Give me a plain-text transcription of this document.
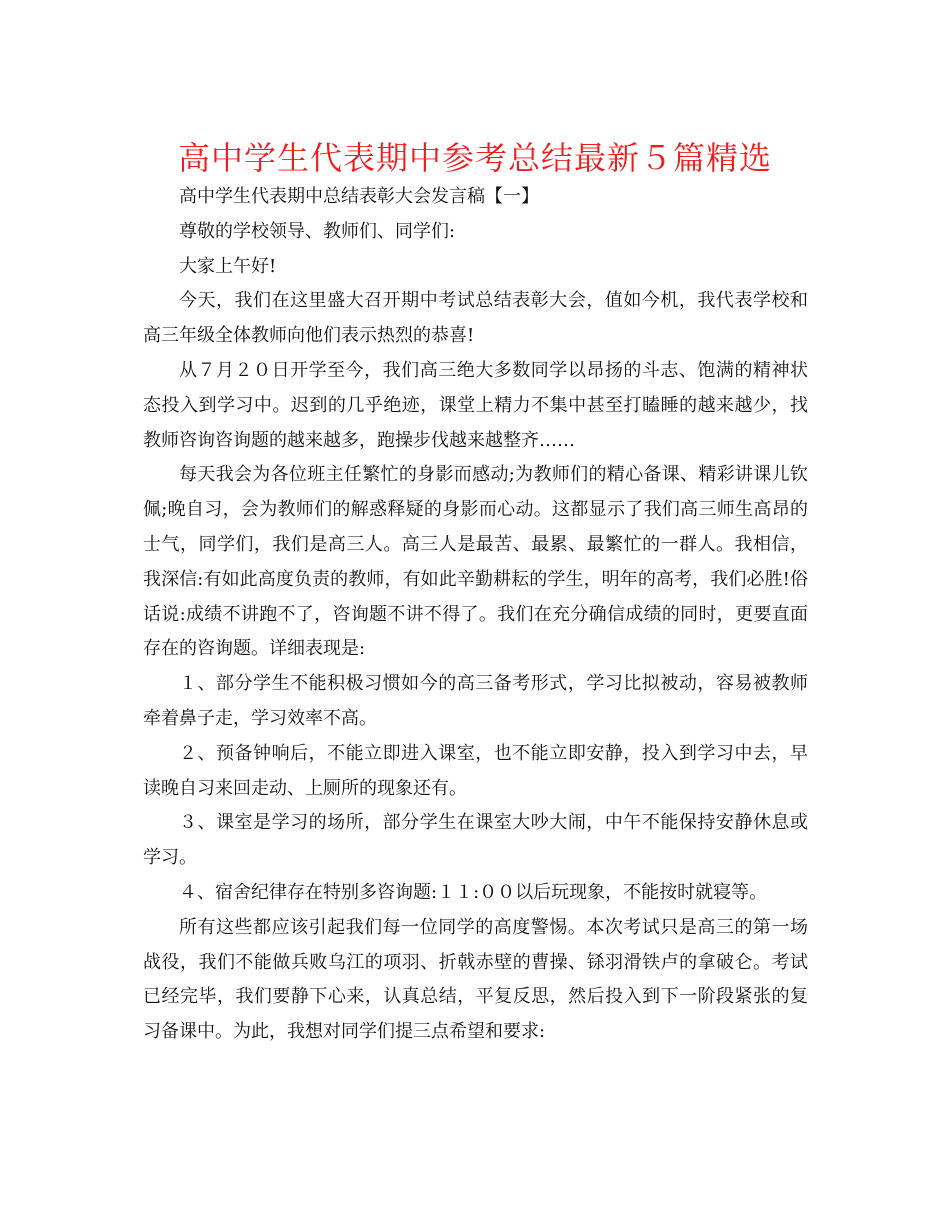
高中学生代表期中参考总结最新５篇精选

高中学生代表期中总结表彰大会发言稿【一】

尊敬的学校领导、教师们、同学们:

大家上午好!

今天，我们在这里盛大召开期中考试总结表彰大会，值如今机，我代表学校和高三年级全体教师向他们表示热烈的恭喜!

从７月２０日开学至今，我们高三绝大多数同学以昂扬的斗志、饱满的精神状态投入到学习中。迟到的几乎绝迹，课堂上精力不集中甚至打瞌睡的越来越少，找教师咨询咨询题的越来越多，跑操步伐越来越整齐……

每天我会为各位班主任繁忙的身影而感动;为教师们的精心备课、精彩讲课儿钦佩;晚自习，会为教师们的解惑释疑的身影而心动。这都显示了我们高三师生高昂的士气，同学们，我们是高三人。高三人是最苦、最累、最繁忙的一群人。我相信，我深信:有如此高度负责的教师，有如此辛勤耕耘的学生，明年的高考，我们必胜!俗话说:成绩不讲跑不了，咨询题不讲不得了。我们在充分确信成绩的同时，更要直面存在的咨询题。详细表现是:

１、部分学生不能积极习惯如今的高三备考形式，学习比拟被动，容易被教师牵着鼻子走，学习效率不高。

２、预备钟响后，不能立即进入课室，也不能立即安静，投入到学习中去，早读晚自习来回走动、上厕所的现象还有。

３、课室是学习的场所，部分学生在课室大吵大闹，中午不能保持安静休息或学习。

４、宿舍纪律存在特别多咨询题:１１:００以后玩现象，不能按时就寝等。

所有这些都应该引起我们每一位同学的高度警惕。本次考试只是高三的第一场战役，我们不能做兵败乌江的项羽、折戟赤壁的曹操、铩羽滑铁卢的拿破仑。考试已经完毕，我们要静下心来，认真总结，平复反思，然后投入到下一阶段紧张的复习备课中。为此，我想对同学们提三点希望和要求:
